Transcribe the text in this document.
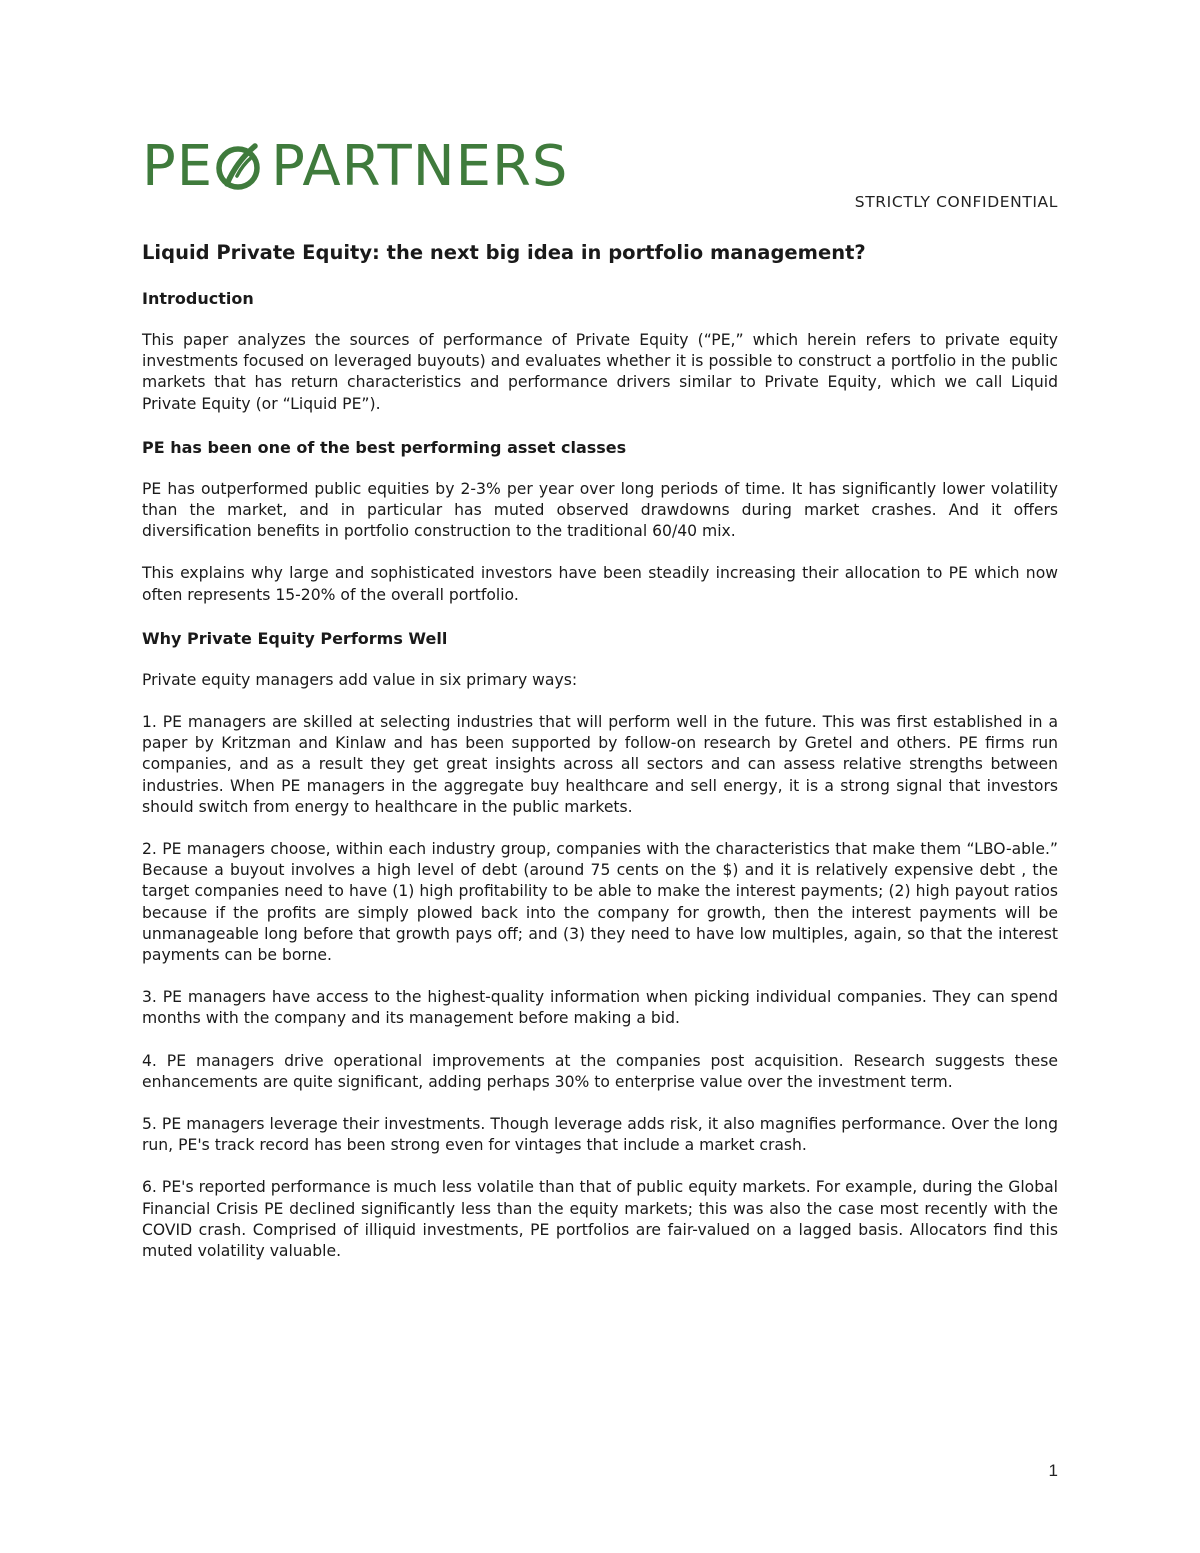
PE PARTNERS
STRICTLY CONFIDENTIAL
Liquid Private Equity: the next big idea in portfolio management?
Introduction

This paper analyzes the sources of performance of Private Equity (“PE,” which herein refers to private equity investments focused on leveraged buyouts) and evaluates whether it is possible to construct a portfolio in the public markets that has return characteristics and performance drivers similar to Private Equity, which we call Liquid Private Equity (or “Liquid PE”).

PE has been one of the best performing asset classes

PE has outperformed public equities by 2-3% per year over long periods of time. It has significantly lower volatility than the market, and in particular has muted observed drawdowns during market crashes. And it offers diversification benefits in portfolio construction to the traditional 60/40 mix.

This explains why large and sophisticated investors have been steadily increasing their allocation to PE which now often represents 15-20% of the overall portfolio.

Why Private Equity Performs Well

Private equity managers add value in six primary ways:

1. PE managers are skilled at selecting industries that will perform well in the future. This was first established in a paper by Kritzman and Kinlaw and has been supported by follow-on research by Gretel and others. PE firms run companies, and as a result they get great insights across all sectors and can assess relative strengths between industries. When PE managers in the aggregate buy healthcare and sell energy, it is a strong signal that investors should switch from energy to healthcare in the public markets.

2. PE managers choose, within each industry group, companies with the characteristics that make them “LBO-able.” Because a buyout involves a high level of debt (around 75 cents on the $) and it is relatively expensive debt , the target companies need to have (1) high profitability to be able to make the interest payments; (2) high payout ratios because if the profits are simply plowed back into the company for growth, then the interest payments will be unmanageable long before that growth pays off; and (3) they need to have low multiples, again, so that the interest payments can be borne.

3. PE managers have access to the highest-quality information when picking individual companies. They can spend months with the company and its management before making a bid.

4. PE managers drive operational improvements at the companies post acquisition. Research suggests these enhancements are quite significant, adding perhaps 30% to enterprise value over the investment term.

5. PE managers leverage their investments. Though leverage adds risk, it also magnifies performance. Over the long run, PE's track record has been strong even for vintages that include a market crash.

6. PE's reported performance is much less volatile than that of public equity markets. For example, during the Global Financial Crisis PE declined significantly less than the equity markets; this was also the case most recently with the COVID crash. Comprised of illiquid investments, PE portfolios are fair-valued on a lagged basis. Allocators find this muted volatility valuable.

1
